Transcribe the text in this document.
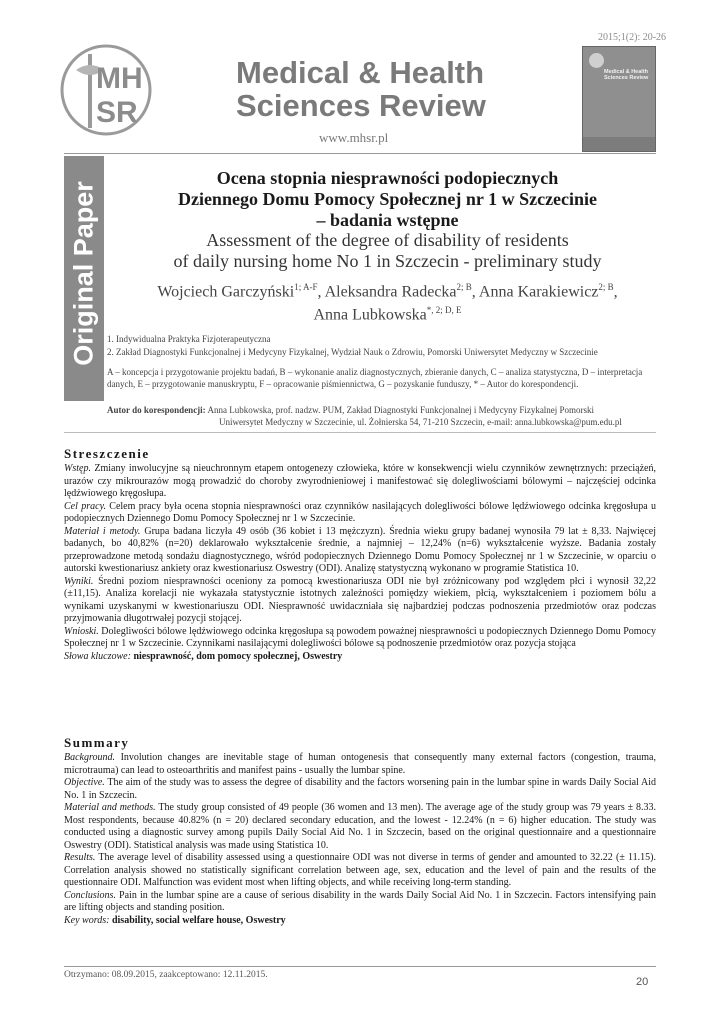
2015;1(2): 20-26
MH
SR
Medical & Health
Sciences Review
www.mhsr.pl
Medical & Health
Sciences Review
Original Paper
Ocena stopnia niesprawności podopiecznych
Dziennego Domu Pomocy Społecznej nr 1 w Szczecinie
– badania wstępne
Assessment of the degree of disability of residents
of daily nursing home No 1 in Szczecin - preliminary study
Wojciech Garczyński$^{1; A-F}$, Aleksandra Radecka$^{2; B}$, Anna Karakiewicz$^{2; B}$,
Anna Lubkowska$^{*, 2; D, E}$
1. Indywidualna Praktyka Fizjoterapeutyczna
2. Zakład Diagnostyki Funkcjonalnej i Medycyny Fizykalnej, Wydział Nauk o Zdrowiu, Pomorski Uniwersytet Medyczny w Szczecinie
A – koncepcja i przygotowanie projektu badań, B – wykonanie analiz diagnostycznych, zbieranie danych, C – analiza statystyczna, D – interpretacja
danych, E – przygotowanie manuskryptu, F – opracowanie piśmiennictwa, G – pozyskanie funduszy, * – Autor do korespondencji.
Autor do korespondencji: Anna Lubkowska, prof. nadzw. PUM, Zakład Diagnostyki Funkcjonalnej i Medycyny Fizykalnej Pomorski
Uniwersytet Medyczny w Szczecinie, ul. Żołnierska 54, 71-210 Szczecin, e-mail: anna.lubkowska@pum.edu.pl
Streszczenie
Wstęp. Zmiany inwolucyjne są nieuchronnym etapem ontogenezy człowieka, które w konsekwencji wielu czynników zewnętrznych: przeciążeń, urazów czy mikrourazów mogą prowadzić do choroby zwyrodnieniowej i manifestować się dolegliwościami bólowymi – najczęściej odcinka lędźwiowego kręgosłupa.
Cel pracy. Celem pracy była ocena stopnia niesprawności oraz czynników nasilających dolegliwości bólowe lędźwiowego odcinka kręgosłupa u podopiecznych Dziennego Domu Pomocy Społecznej nr 1 w Szczecinie.
Materiał i metody. Grupa badana liczyła 49 osób (36 kobiet i 13 mężczyzn). Średnia wieku grupy badanej wynosiła 79 lat ± 8,33. Najwięcej badanych, bo 40,82% (n=20) deklarowało wykształcenie średnie, a najmniej – 12,24% (n=6) wykształcenie wyższe. Badania zostały przeprowadzone metodą sondażu diagnostycznego, wśród podopiecznych Dziennego Domu Pomocy Społecznej nr 1 w Szczecinie, w oparciu o autorski kwestionariusz ankiety oraz kwestionariusz Oswestry (ODI). Analizę statystyczną wykonano w programie Statistica 10.
Wyniki. Średni poziom niesprawności oceniony za pomocą kwestionariusza ODI nie był zróżnicowany pod względem płci i wynosił 32,22 (±11,15). Analiza korelacji nie wykazała statystycznie istotnych zależności pomiędzy wiekiem, płcią, wykształceniem i poziomem bólu a wynikami uzyskanymi w kwestionariuszu ODI. Niesprawność uwidaczniała się najbardziej podczas podnoszenia przedmiotów oraz podczas przyjmowania długotrwałej pozycji stojącej.
Wnioski. Dolegliwości bólowe lędźwiowego odcinka kręgosłupa są powodem poważnej niesprawności u podopiecznych Dziennego Domu Pomocy Społecznej nr 1 w Szczecinie. Czynnikami nasilającymi dolegliwości bólowe są podnoszenie przedmiotów oraz pozycja stojąca
Słowa kluczowe: niesprawność, dom pomocy społecznej, Oswestry
Summary
Background. Involution changes are inevitable stage of human ontogenesis that consequently many external factors (congestion, trauma, microtrauma) can lead to osteoarthritis and manifest pains - usually the lumbar spine.
Objective. The aim of the study was to assess the degree of disability and the factors worsening pain in the lumbar spine in wards Daily Social Aid No. 1 in Szczecin.
Material and methods. The study group consisted of 49 people (36 women and 13 men). The average age of the study group was 79 years ± 8.33. Most respondents, because 40.82% (n = 20) declared secondary education, and the lowest - 12.24% (n = 6) higher education. The study was conducted using a diagnostic survey among pupils Daily Social Aid No. 1 in Szczecin, based on the original questionnaire and a questionnaire Oswestry (ODI). Statistical analysis was made using Statistica 10.
Results. The average level of disability assessed using a questionnaire ODI was not diverse in terms of gender and amounted to 32.22 (± 11.15). Correlation analysis showed no statistically significant correlation between age, sex, education and the level of pain and the results of the questionnaire ODI. Malfunction was evident most when lifting objects, and while receiving long-term standing.
Conclusions. Pain in the lumbar spine are a cause of serious disability in the wards Daily Social Aid No. 1 in Szczecin. Factors intensifying pain are lifting objects and standing position.
Key words: disability, social welfare house, Oswestry
Otrzymano: 08.09.2015, zaakceptowano: 12.11.2015.
20
